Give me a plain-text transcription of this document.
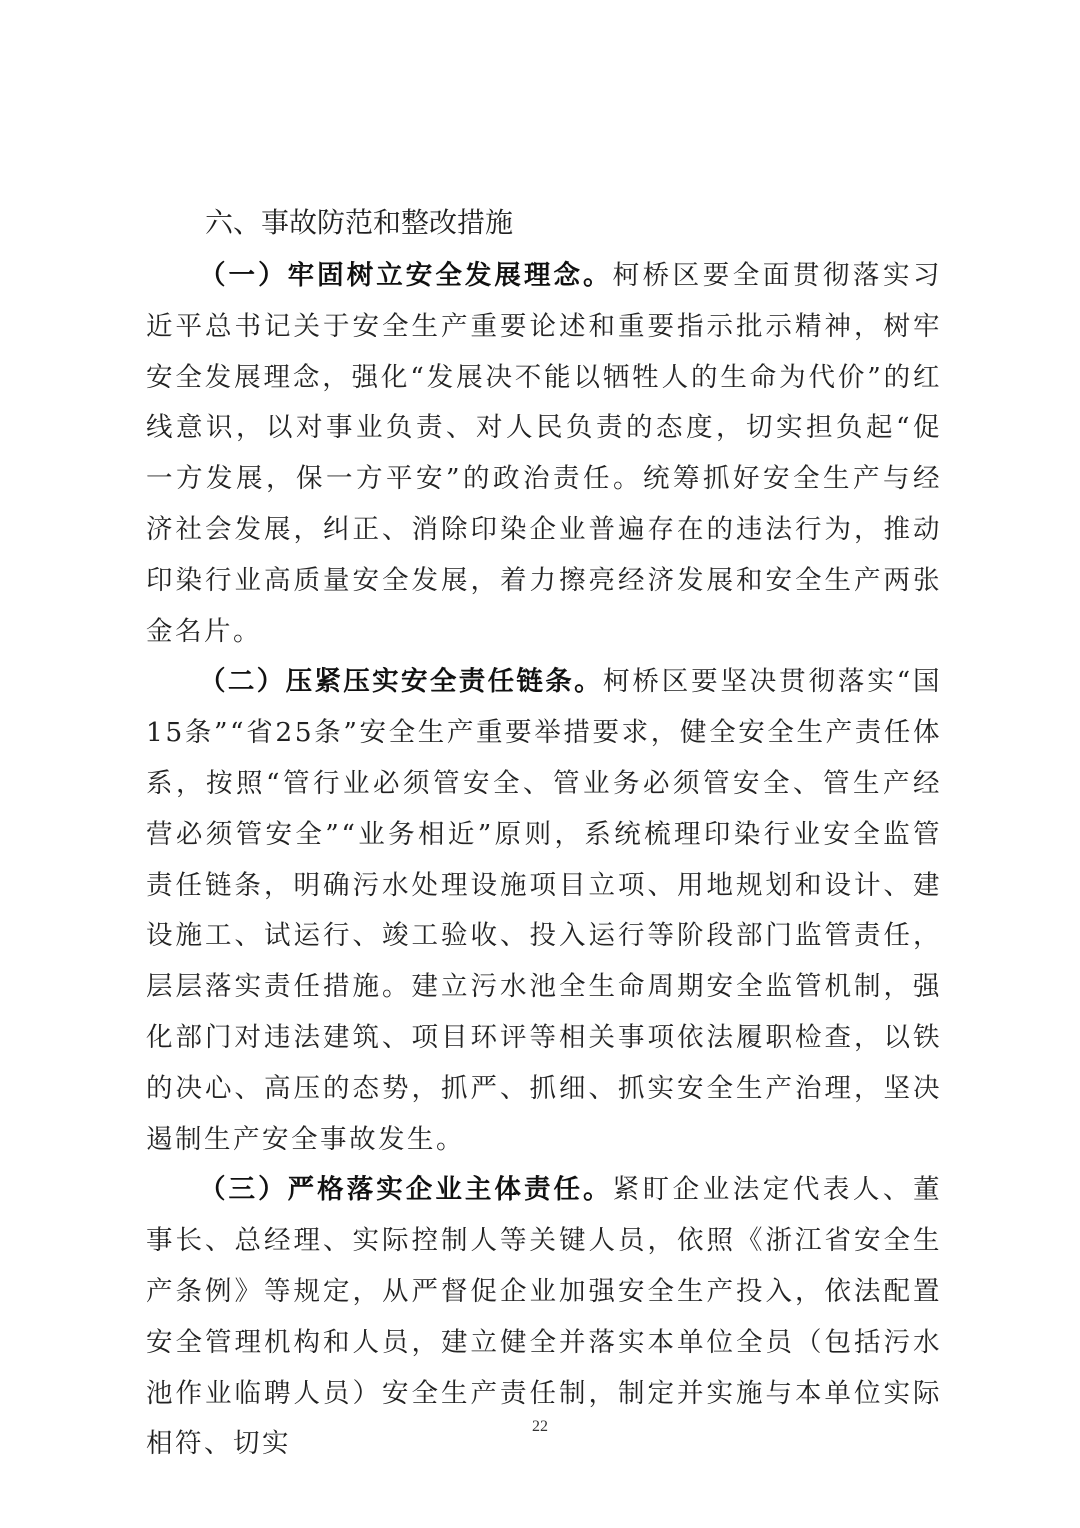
六、事故防范和整改措施

（一）牢固树立安全发展理念。柯桥区要全面贯彻落实习近平总书记关于安全生产重要论述和重要指示批示精神，树牢安全发展理念，强化“发展决不能以牺牲人的生命为代价”的红线意识，以对事业负责、对人民负责的态度，切实担负起“促一方发展，保一方平安”的政治责任。统筹抓好安全生产与经济社会发展，纠正、消除印染企业普遍存在的违法行为，推动印染行业高质量安全发展，着力擦亮经济发展和安全生产两张金名片。

（二）压紧压实安全责任链条。柯桥区要坚决贯彻落实“国15条”“省25条”安全生产重要举措要求，健全安全生产责任体系，按照“管行业必须管安全、管业务必须管安全、管生产经营必须管安全”“业务相近”原则，系统梳理印染行业安全监管责任链条，明确污水处理设施项目立项、用地规划和设计、建设施工、试运行、竣工验收、投入运行等阶段部门监管责任，层层落实责任措施。建立污水池全生命周期安全监管机制，强化部门对违法建筑、项目环评等相关事项依法履职检查，以铁的决心、高压的态势，抓严、抓细、抓实安全生产治理，坚决遏制生产安全事故发生。

（三）严格落实企业主体责任。紧盯企业法定代表人、董事长、总经理、实际控制人等关键人员，依照《浙江省安全生产条例》等规定，从严督促企业加强安全生产投入，依法配置安全管理机构和人员，建立健全并落实本单位全员（包括污水池作业临聘人员）安全生产责任制，制定并实施与本单位实际相符、切实

22
